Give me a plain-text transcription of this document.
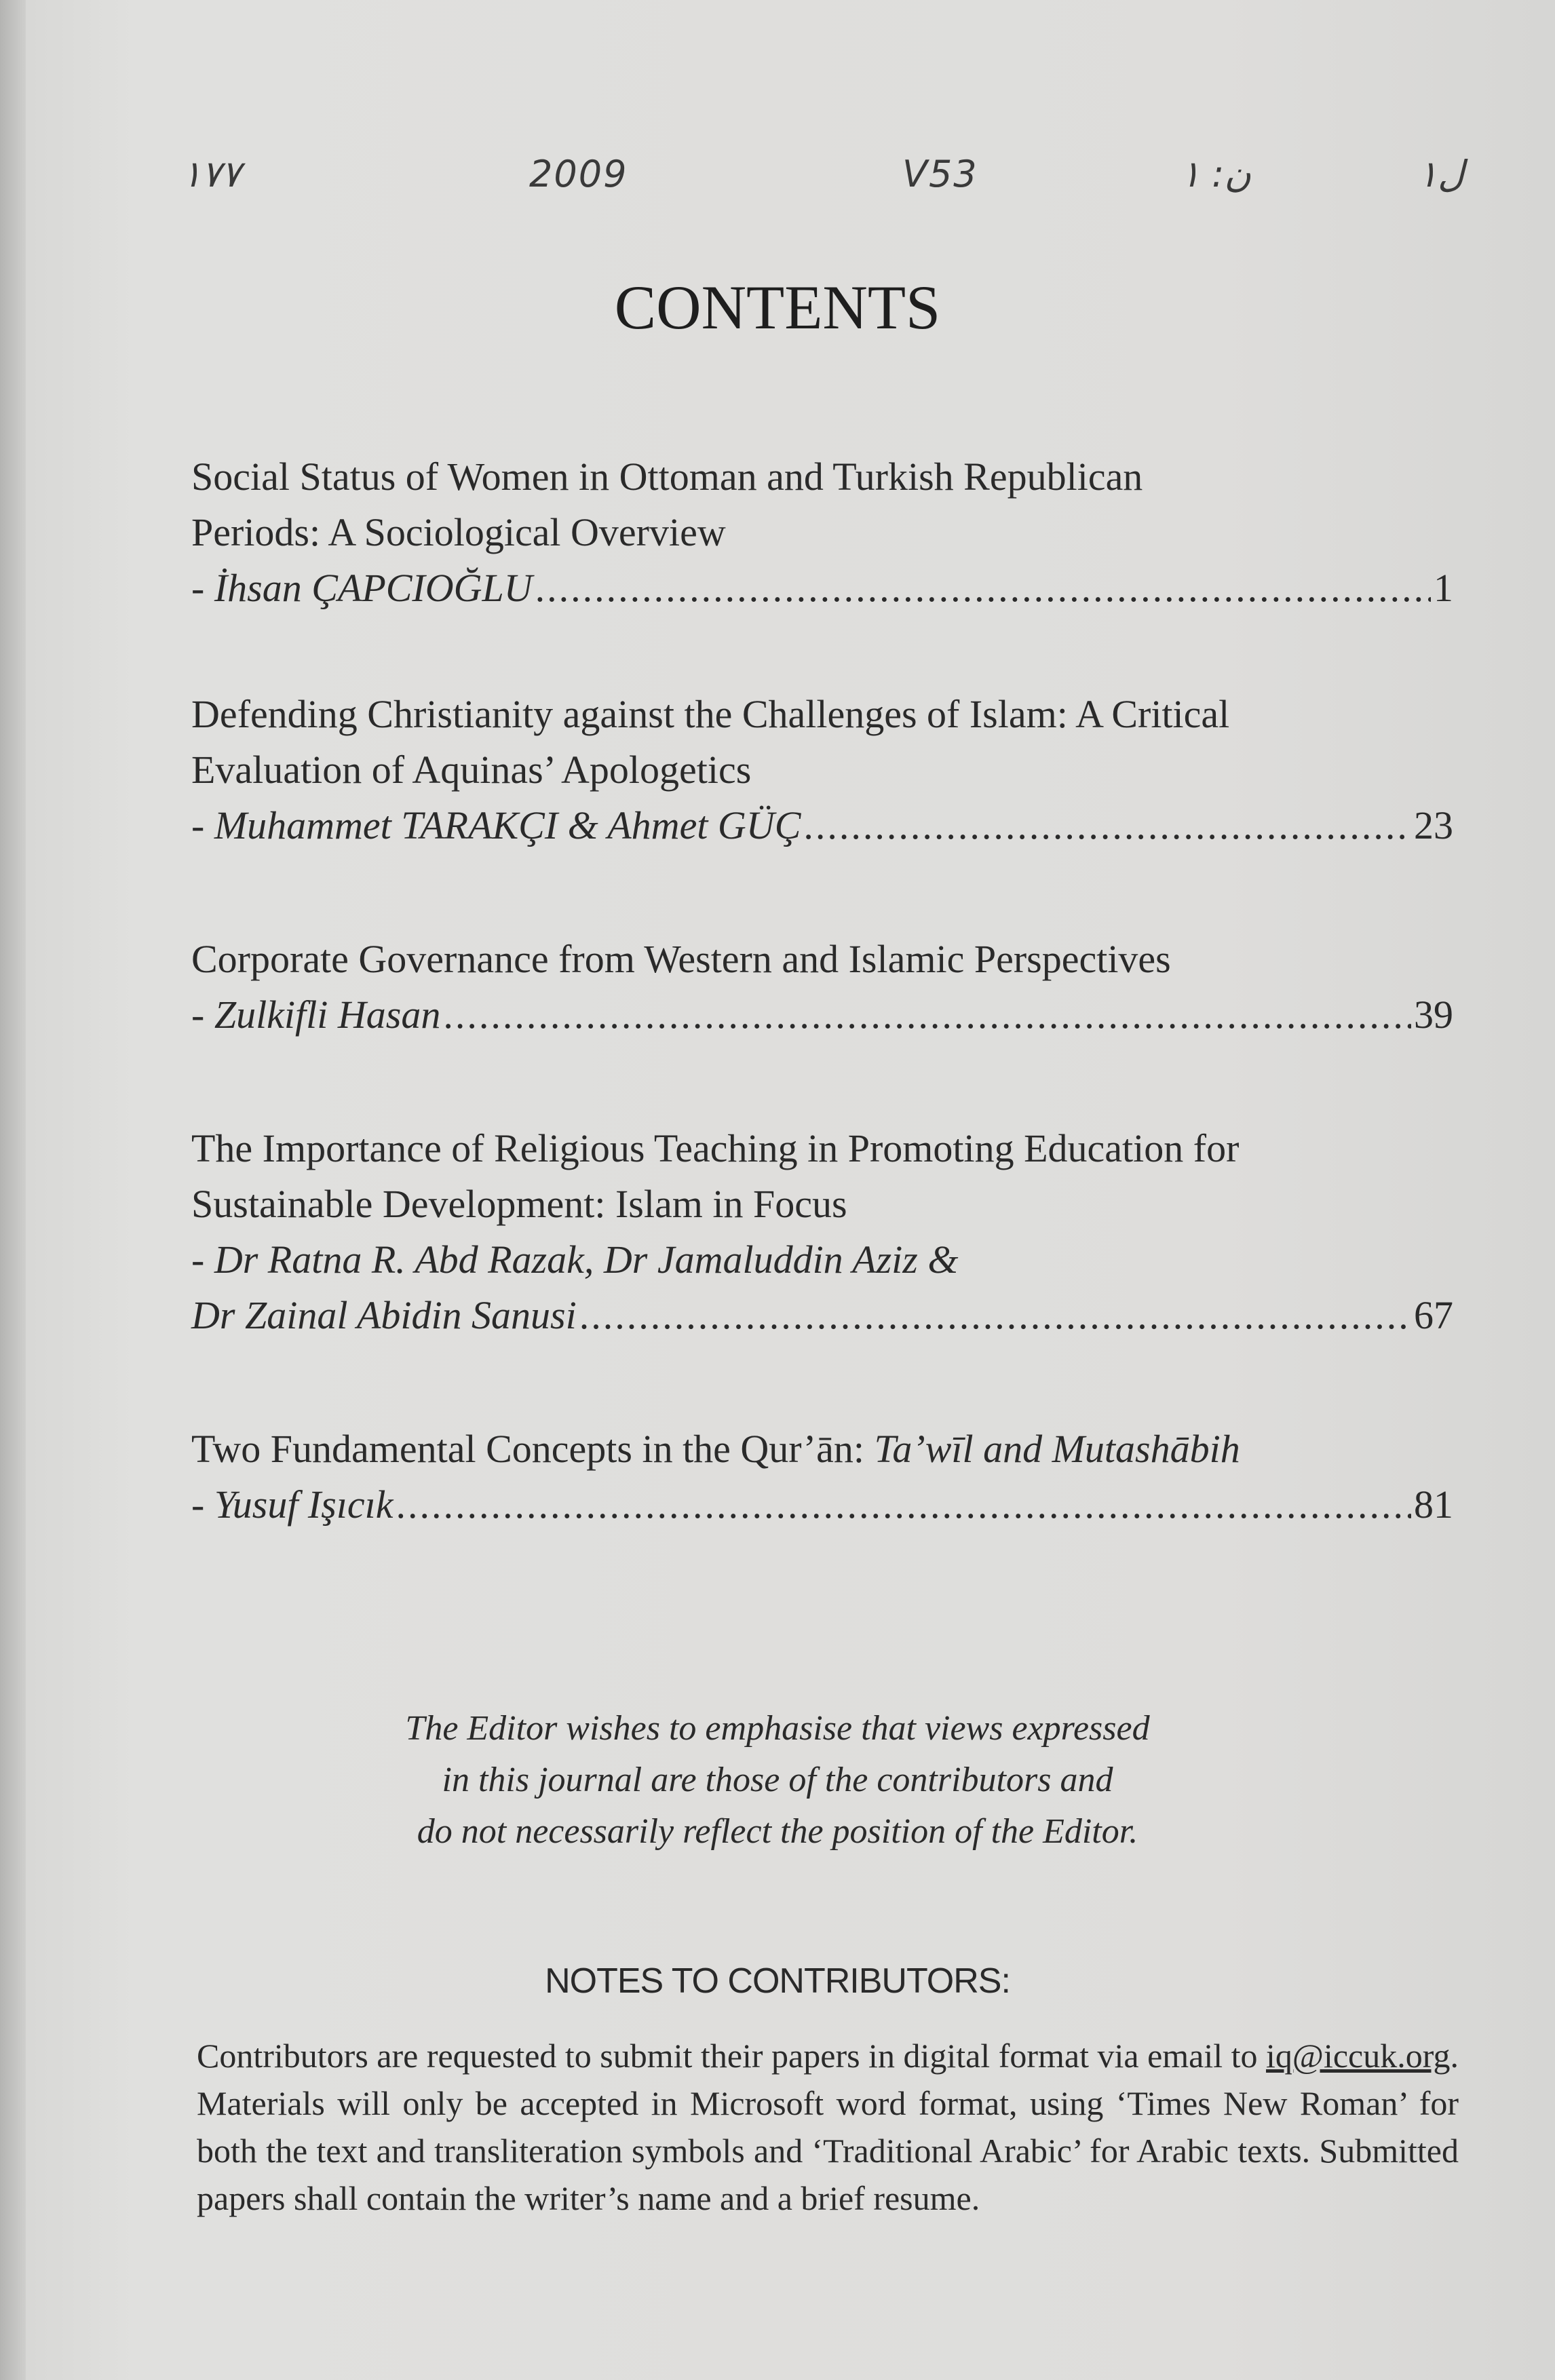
١٧٧	2009	V53	ن: ١	ل١
CONTENTS
Social Status of Women in Ottoman and Turkish Republican
Periods: A Sociological Overview
- İhsan ÇAPCIOĞLU .....	1
Defending Christianity against the Challenges of Islam: A Critical
Evaluation of Aquinas’ Apologetics
- Muhammet TARAKÇI & Ahmet GÜÇ .....	23
Corporate Governance from Western and Islamic Perspectives
- Zulkifli Hasan .....	39
The Importance of Religious Teaching in Promoting Education for
Sustainable Development: Islam in Focus
- Dr Ratna R. Abd Razak, Dr Jamaluddin Aziz &
Dr Zainal Abidin Sanusi .....	67
Two Fundamental Concepts in the Qur’ān: Ta’wīl and Mutashābih
- Yusuf Işıcık .....	81
The Editor wishes to emphasise that views expressed
in this journal are those of the contributors and
do not necessarily reflect the position of the Editor.
NOTES TO CONTRIBUTORS:
Contributors are requested to submit their papers in digital format via email to iq@iccuk.org. Materials will only be accepted in Microsoft word format, using ‘Times New Roman’ for both the text and transliteration symbols and ‘Traditional Arabic’ for Arabic texts. Submitted papers shall contain the writer’s name and a brief resume.
